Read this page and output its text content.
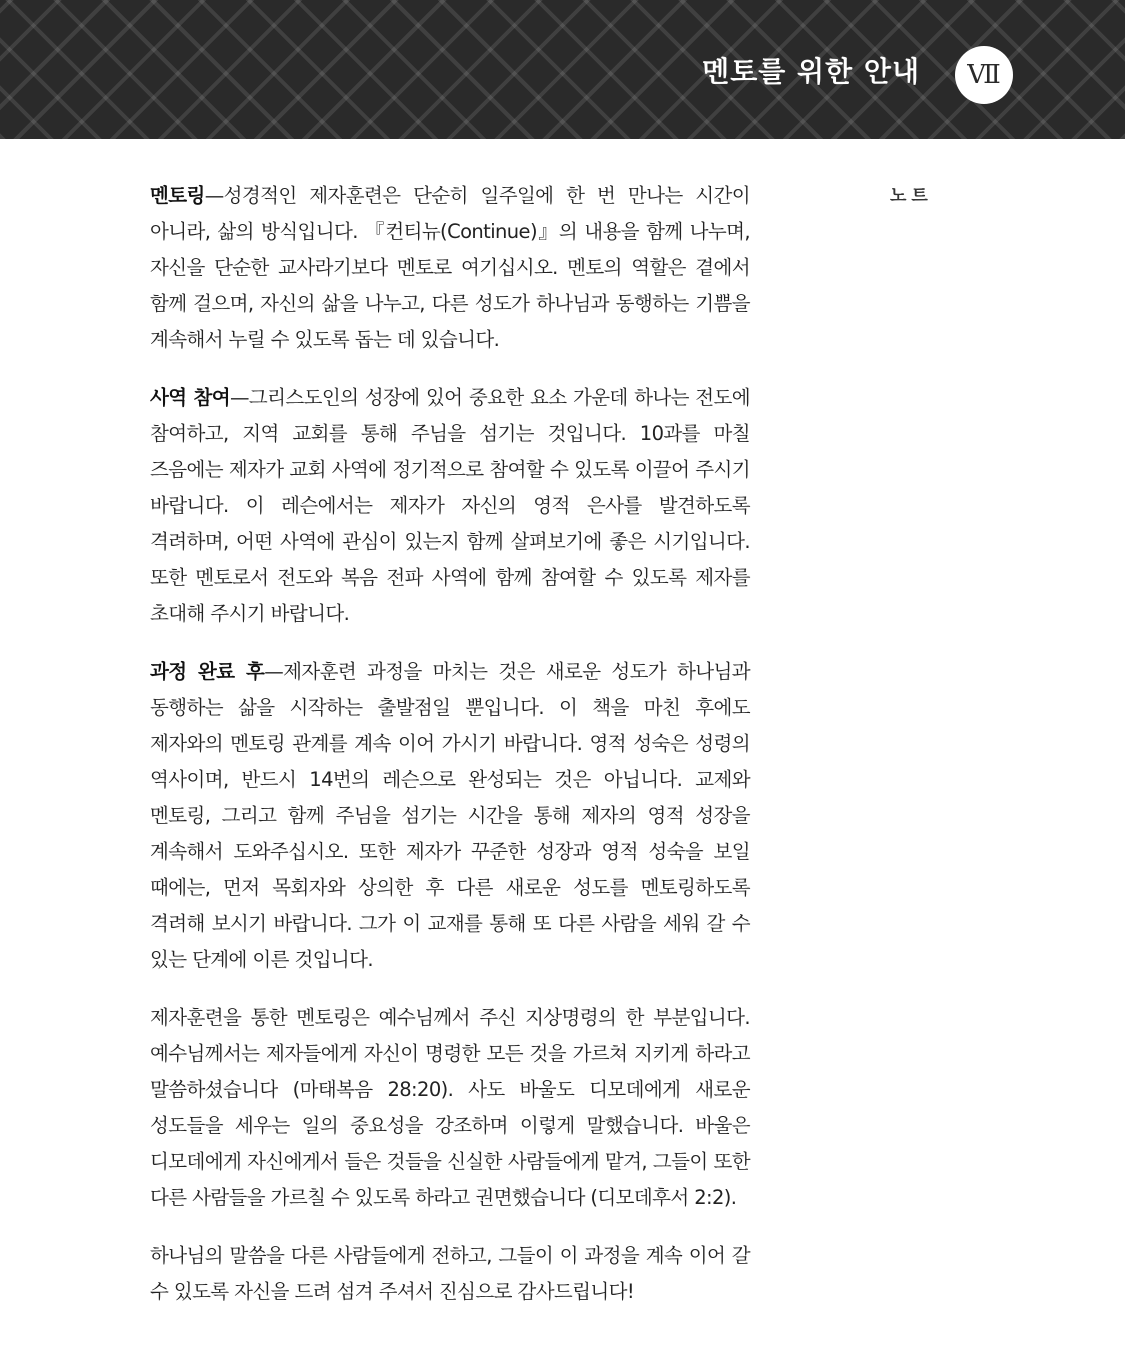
멘토를 위한 안내	Ⅶ
노트

멘토링—성경적인 제자훈련은 단순히 일주일에 한 번 만나는 시간이 아니라, 삶의 방식입니다. 『컨티뉴(Continue)』의 내용을 함께 나누며, 자신을 단순한 교사라기보다 멘토로 여기십시오. 멘토의 역할은 곁에서 함께 걸으며, 자신의 삶을 나누고, 다른 성도가 하나님과 동행하는 기쁨을 계속해서 누릴 수 있도록 돕는 데 있습니다.

사역 참여—그리스도인의 성장에 있어 중요한 요소 가운데 하나는 전도에 참여하고, 지역 교회를 통해 주님을 섬기는 것입니다. 10과를 마칠 즈음에는 제자가 교회 사역에 정기적으로 참여할 수 있도록 이끌어 주시기 바랍니다. 이 레슨에서는 제자가 자신의 영적 은사를 발견하도록 격려하며, 어떤 사역에 관심이 있는지 함께 살펴보기에 좋은 시기입니다. 또한 멘토로서 전도와 복음 전파 사역에 함께 참여할 수 있도록 제자를 초대해 주시기 바랍니다.

과정 완료 후—제자훈련 과정을 마치는 것은 새로운 성도가 하나님과 동행하는 삶을 시작하는 출발점일 뿐입니다. 이 책을 마친 후에도 제자와의 멘토링 관계를 계속 이어 가시기 바랍니다. 영적 성숙은 성령의 역사이며, 반드시 14번의 레슨으로 완성되는 것은 아닙니다. 교제와 멘토링, 그리고 함께 주님을 섬기는 시간을 통해 제자의 영적 성장을 계속해서 도와주십시오. 또한 제자가 꾸준한 성장과 영적 성숙을 보일 때에는, 먼저 목회자와 상의한 후 다른 새로운 성도를 멘토링하도록 격려해 보시기 바랍니다. 그가 이 교재를 통해 또 다른 사람을 세워 갈 수 있는 단계에 이른 것입니다.

제자훈련을 통한 멘토링은 예수님께서 주신 지상명령의 한 부분입니다. 예수님께서는 제자들에게 자신이 명령한 모든 것을 가르쳐 지키게 하라고 말씀하셨습니다 (마태복음 28:20). 사도 바울도 디모데에게 새로운 성도들을 세우는 일의 중요성을 강조하며 이렇게 말했습니다. 바울은 디모데에게 자신에게서 들은 것들을 신실한 사람들에게 맡겨, 그들이 또한 다른 사람들을 가르칠 수 있도록 하라고 권면했습니다 (디모데후서 2:2).

하나님의 말씀을 다른 사람들에게 전하고, 그들이 이 과정을 계속 이어 갈 수 있도록 자신을 드려 섬겨 주셔서 진심으로 감사드립니다!
